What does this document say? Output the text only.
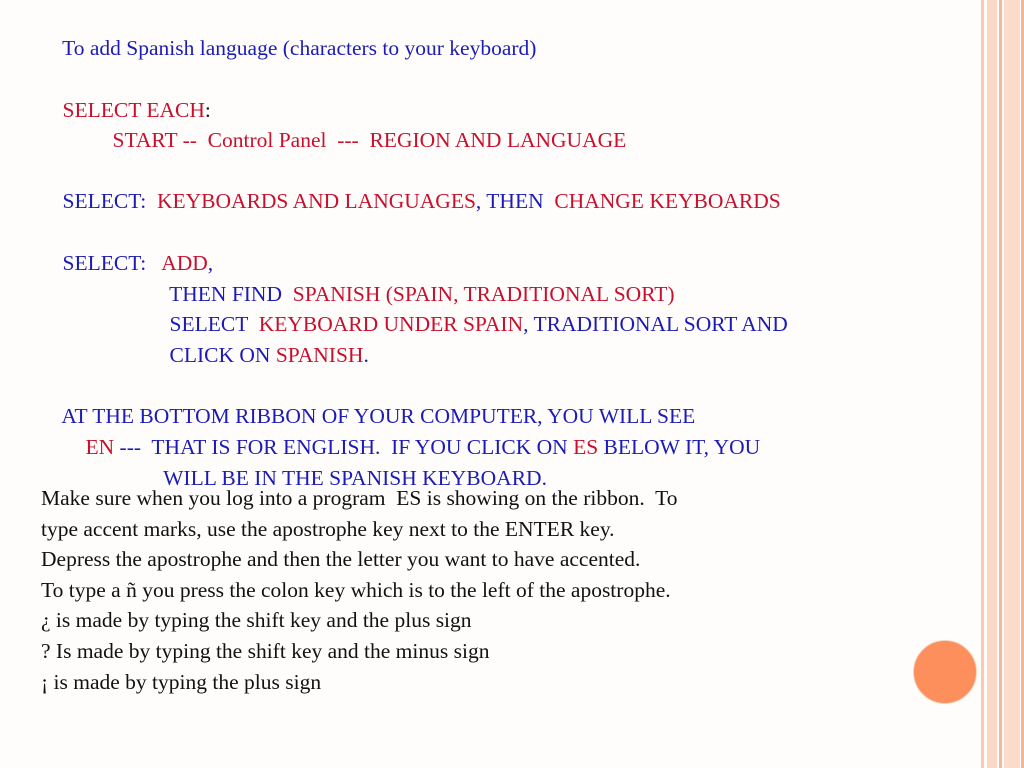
To add Spanish language (characters to your keyboard)

SELECT EACH:

START -- Control Panel --- REGION AND LANGUAGE

SELECT: KEYBOARDS AND LANGUAGES, THEN CHANGE KEYBOARDS

SELECT: ADD,

THEN FIND SPANISH (SPAIN, TRADITIONAL SORT)

SELECT KEYBOARD UNDER SPAIN, TRADITIONAL SORT AND

CLICK ON SPANISH.

AT THE BOTTOM RIBBON OF YOUR COMPUTER, YOU WILL SEE

EN --- THAT IS FOR ENGLISH.  IF YOU CLICK ON ES BELOW IT, YOU

WILL BE IN THE SPANISH KEYBOARD.

Make sure when you log into a program  ES is showing on the ribbon.  To
type accent marks, use the apostrophe key next to the ENTER key.
Depress the apostrophe and then the letter you want to have accented.
To type a ñ you press the colon key which is to the left of the apostrophe.
¿ is made by typing the shift key and the plus sign
? Is made by typing the shift key and the minus sign
¡ is made by typing the plus sign
